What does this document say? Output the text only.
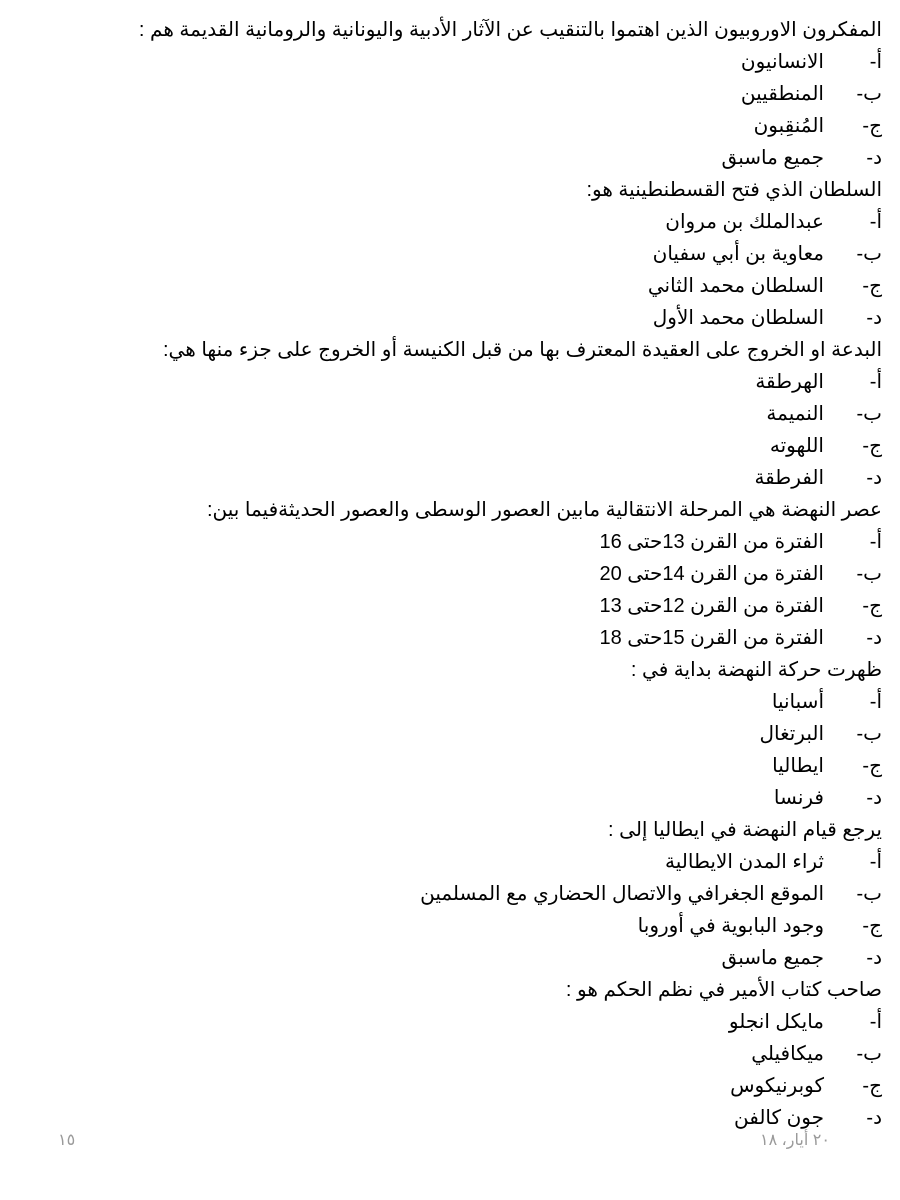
المفكرون الاوروبيون الذين اهتموا بالتنقيب عن الآثار الأدبية واليونانية والرومانية القديمة هم :
أ-
الانسانيون
ب-
المنطقيين
ج-
المُنقِبون
د-
جميع ماسبق
السلطان الذي فتح القسطنطينية هو:
أ-
عبدالملك بن مروان
ب-
معاوية بن أبي سفيان
ج-
السلطان محمد الثاني
د-
السلطان محمد الأول
البدعة او الخروج على العقيدة المعترف بها من قبل الكنيسة أو الخروج على جزء منها هي:
أ-
الهرطقة
ب-
النميمة
ج-
اللهوته
د-
الفرطقة
عصر النهضة هي المرحلة الانتقالية مابين العصور الوسطى والعصور الحديثةفيما بين:
أ-
الفترة من القرن 13حتى 16
ب-
الفترة من القرن 14حتى 20
ج-
الفترة من القرن 12حتى 13
د-
الفترة من القرن 15حتى 18
ظهرت حركة النهضة بداية في :
أ-
أسبانيا
ب-
البرتغال
ج-
ايطاليا
د-
فرنسا
يرجع قيام النهضة في ايطاليا إلى :
أ-
ثراء المدن الايطالية
ب-
الموقع الجغرافي والاتصال الحضاري مع المسلمين
ج-
وجود البابوية في أوروبا
د-
جميع ماسبق
صاحب كتاب الأمير في نظم الحكم هو :
أ-
مايكل انجلو
ب-
ميكافيلي
ج-
كوبرنيكوس
د-
جون كالفن
٢٠ أيار، ١٨
١٥
